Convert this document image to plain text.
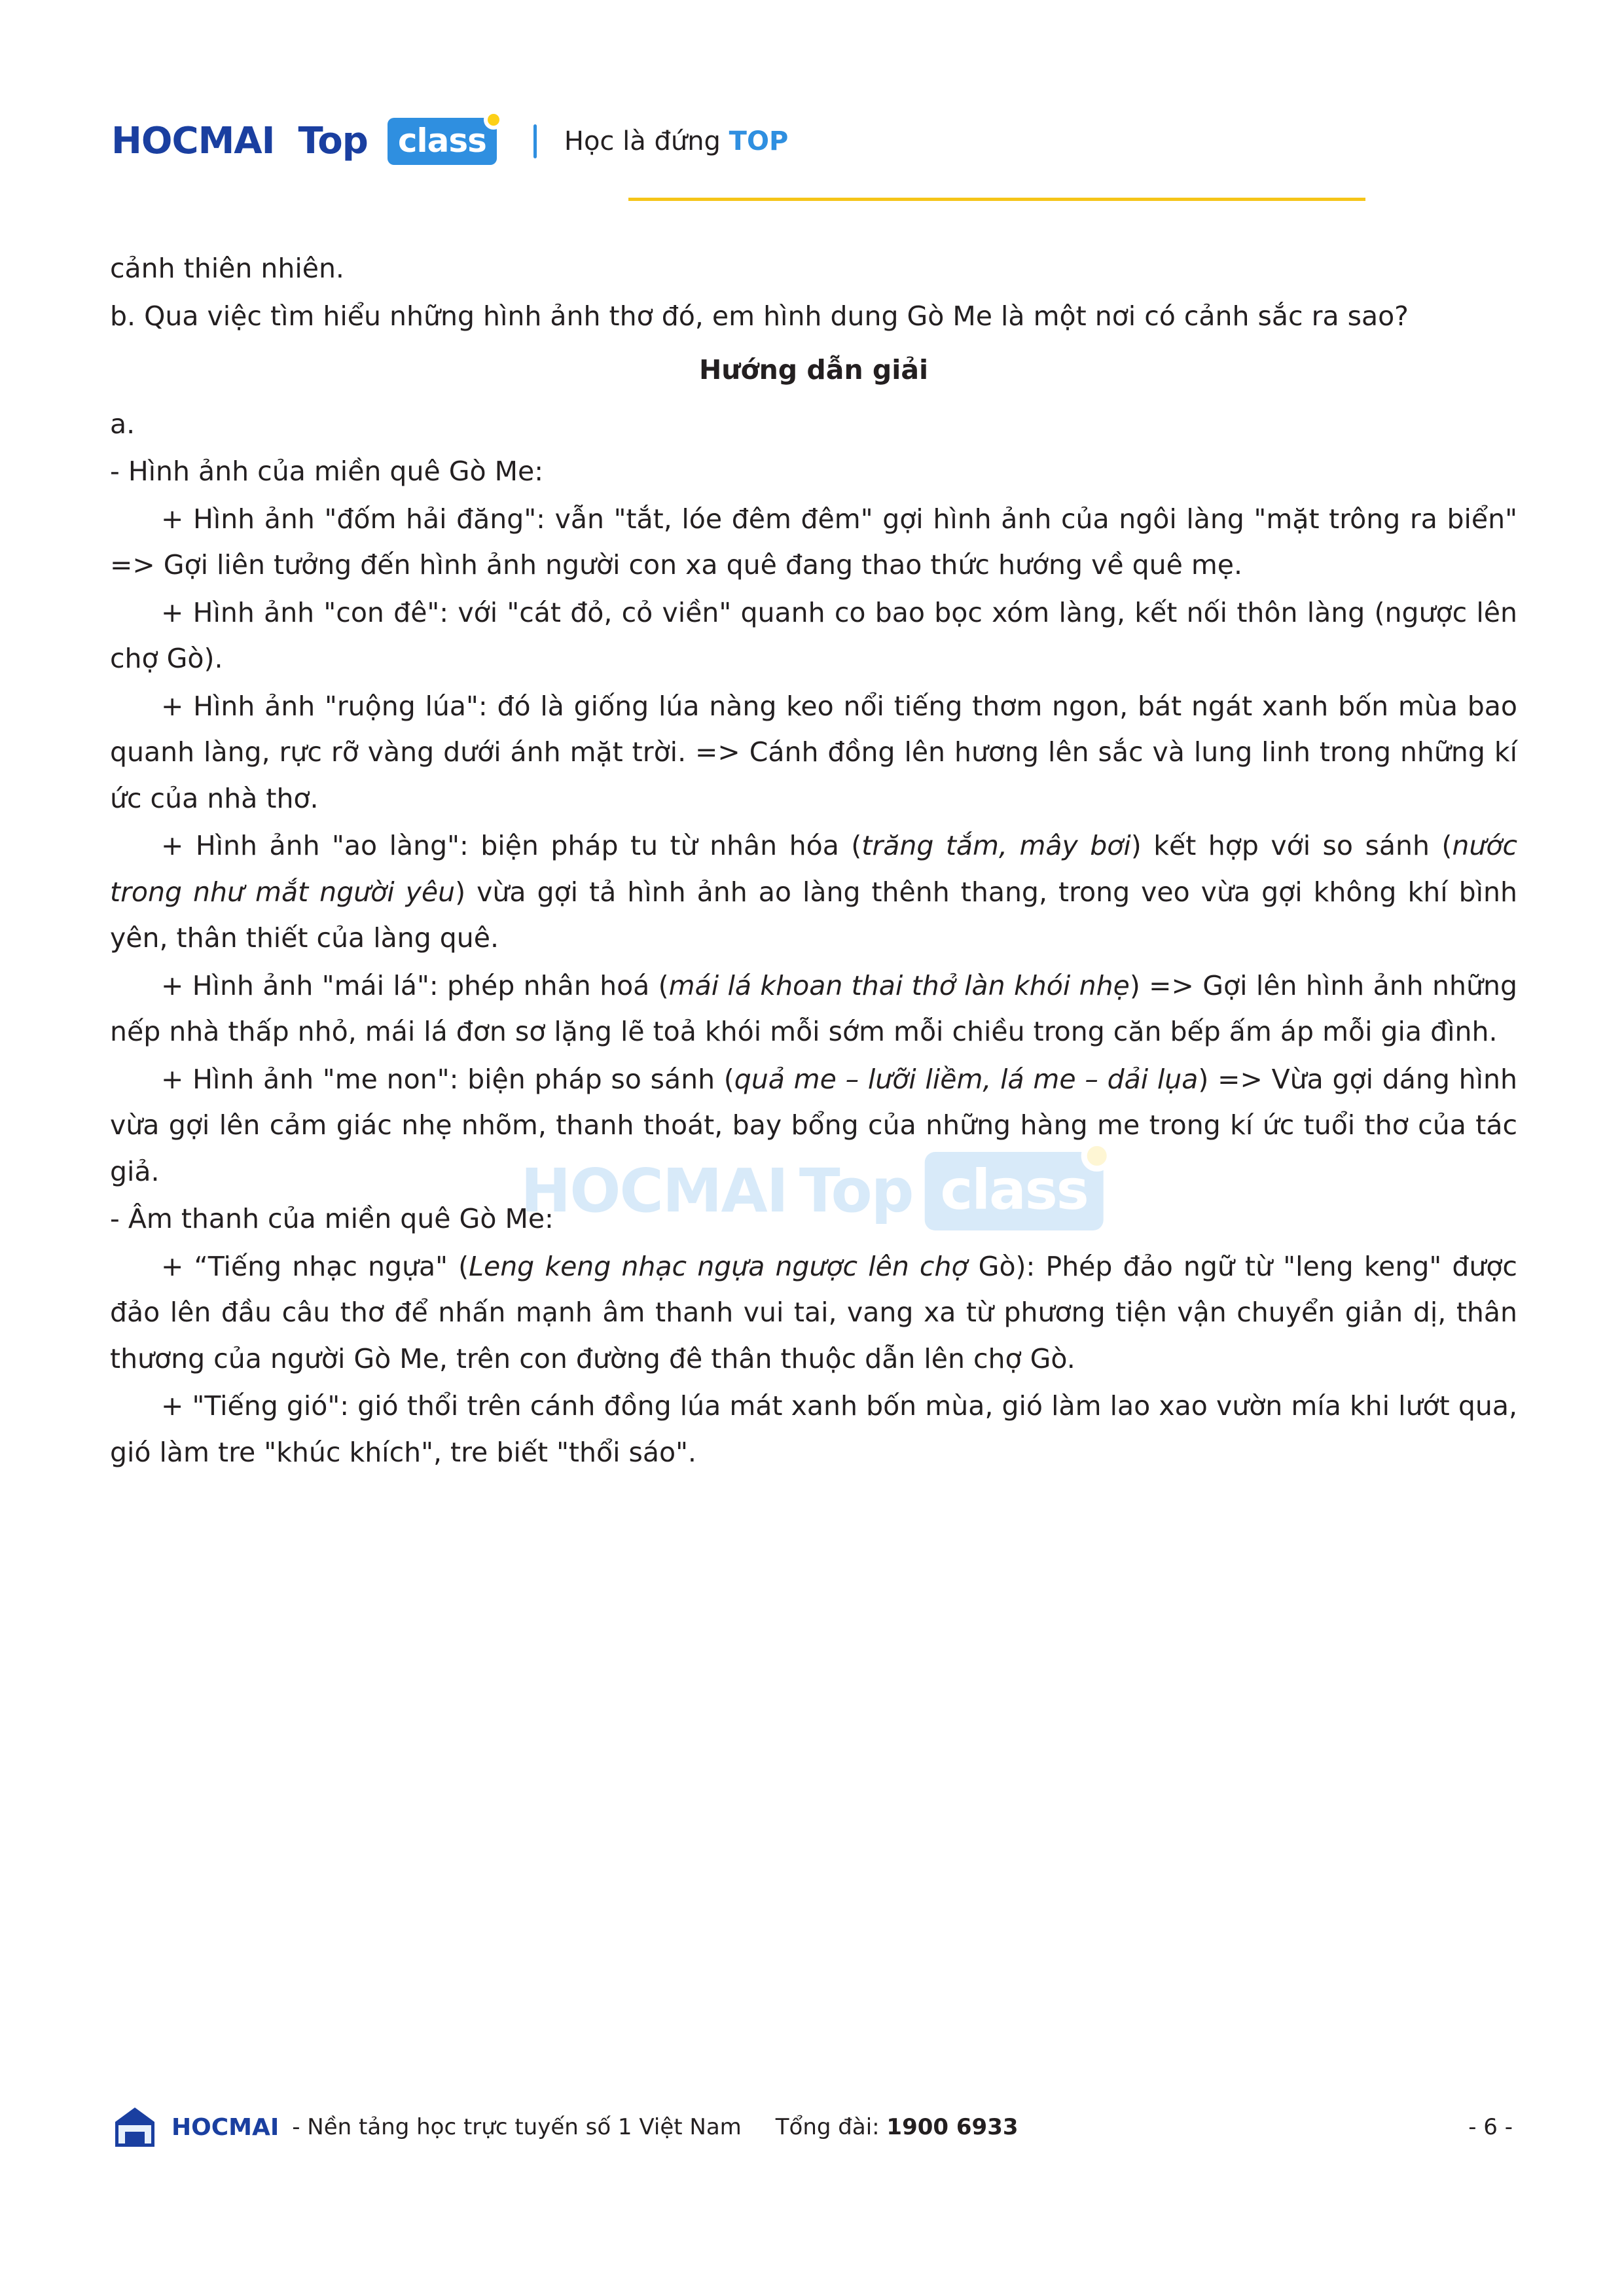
HOCMAI Top class	Học là đứng TOP
HOCMAI Top class

cảnh thiên nhiên.

b. Qua việc tìm hiểu những hình ảnh thơ đó, em hình dung Gò Me là một nơi có cảnh sắc ra sao?

Hướng dẫn giải

a.

- Hình ảnh của miền quê Gò Me:

+ Hình ảnh "đốm hải đăng": vẫn "tắt, lóe đêm đêm" gợi hình ảnh của ngôi làng "mặt trông ra biển" => Gợi liên tưởng đến hình ảnh người con xa quê đang thao thức hướng về quê mẹ.

+ Hình ảnh "con đê": với "cát đỏ, cỏ viền" quanh co bao bọc xóm làng, kết nối thôn làng (ngược lên chợ Gò).

+ Hình ảnh "ruộng lúa": đó là giống lúa nàng keo nổi tiếng thơm ngon, bát ngát xanh bốn mùa bao quanh làng, rực rỡ vàng dưới ánh mặt trời. => Cánh đồng lên hương lên sắc và lung linh trong những kí ức của nhà thơ.

+ Hình ảnh "ao làng": biện pháp tu từ nhân hóa (trăng tắm, mây bơi) kết hợp với so sánh (nước trong như mắt người yêu) vừa gợi tả hình ảnh ao làng thênh thang, trong veo vừa gợi không khí bình yên, thân thiết của làng quê.

+ Hình ảnh "mái lá": phép nhân hoá (mái lá khoan thai thở làn khói nhẹ) => Gợi lên hình ảnh những nếp nhà thấp nhỏ, mái lá đơn sơ lặng lẽ toả khói mỗi sớm mỗi chiều trong căn bếp ấm áp mỗi gia đình.

+ Hình ảnh "me non": biện pháp so sánh (quả me – lưỡi liềm, lá me – dải lụa) => Vừa gợi dáng hình vừa gợi lên cảm giác nhẹ nhõm, thanh thoát, bay bổng của những hàng me trong kí ức tuổi thơ của tác giả.

- Âm thanh của miền quê Gò Me:

+ “Tiếng nhạc ngựa" (Leng keng nhạc ngựa ngược lên chợ Gò): Phép đảo ngữ từ "leng keng" được đảo lên đầu câu thơ để nhấn mạnh âm thanh vui tai, vang xa từ phương tiện vận chuyển giản dị, thân thương của người Gò Me, trên con đường đê thân thuộc dẫn lên chợ Gò.

+ "Tiếng gió": gió thổi trên cánh đồng lúa mát xanh bốn mùa, gió làm lao xao vườn mía khi lướt qua, gió làm tre "khúc khích", tre biết "thổi sáo".

HOCMAI - Nền tảng học trực tuyến số 1 Việt Nam Tổng đài: 1900 6933	- 6 -
